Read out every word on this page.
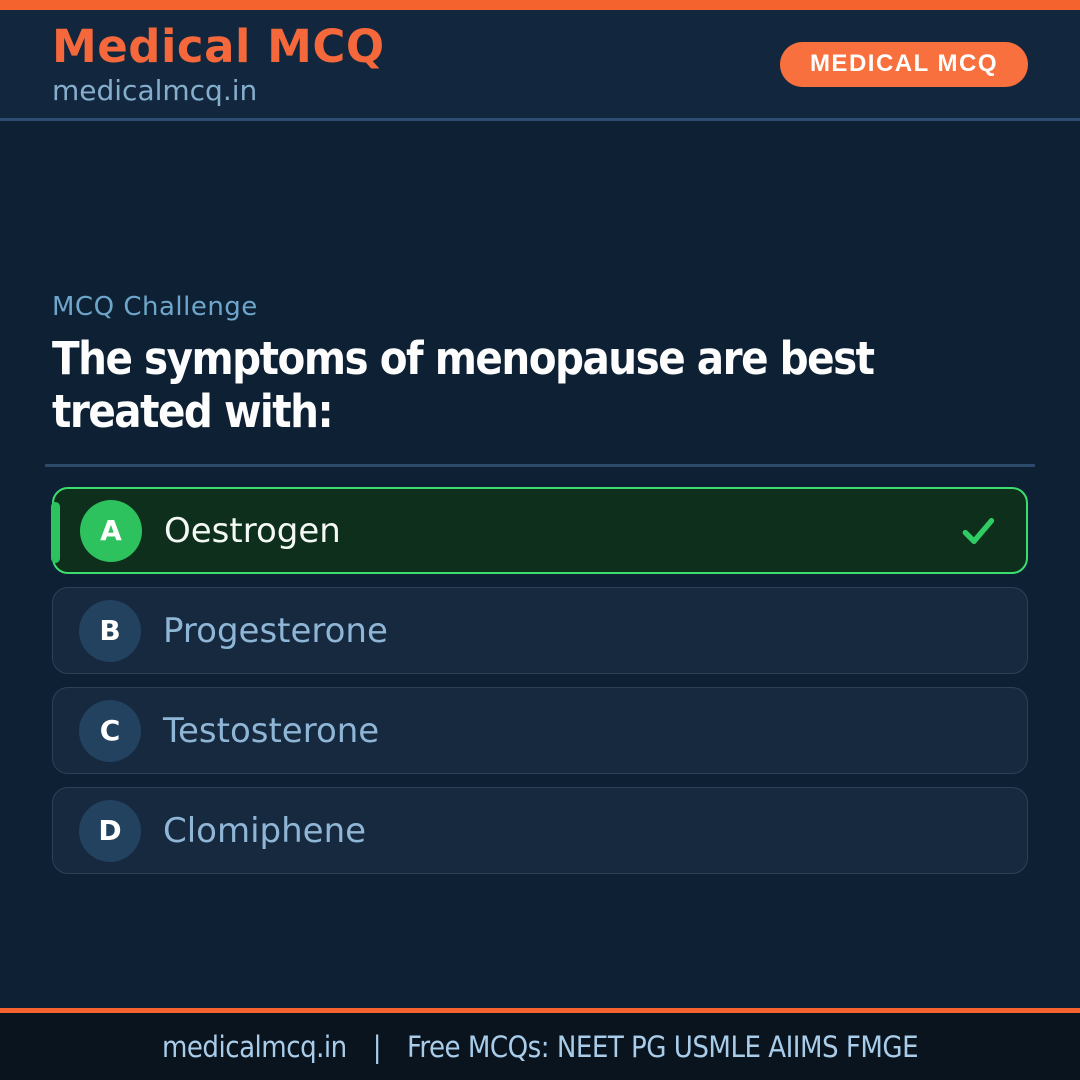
Medical MCQ
medicalmcq.in
MEDICAL MCQ
MCQ Challenge
The symptoms of menopause are best treated with:
A	Oestrogen
B	Progesterone
C	Testosterone
D	Clomiphene
medicalmcq.in | Free MCQs: NEET PG USMLE AIIMS FMGE
